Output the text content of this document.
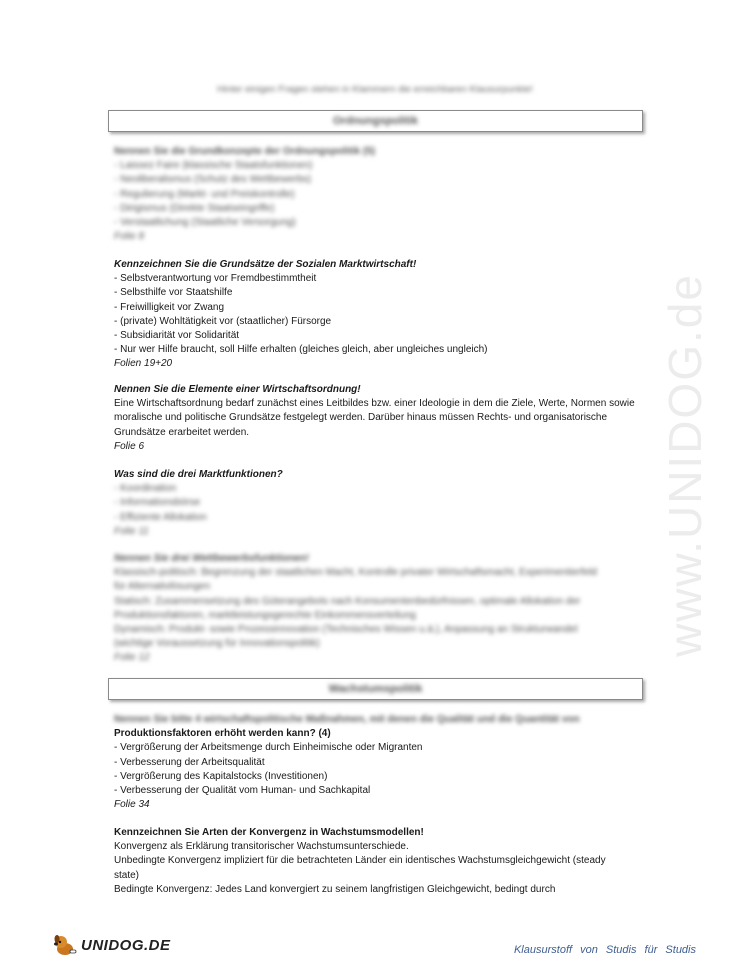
Hinter einigen Fragen stehen in Klammern die erreichbaren Klausurpunkte!
Ordnungspolitik
Nennen Sie die Grundkonzepte der Ordnungspolitik (5)
- Laissez Faire (klassische Staatsfunktionen)
- Neoliberalismus (Schutz des Wettbewerbs)
- Regulierung (Markt- und Preiskontrolle)
- Dirigismus (Direkte Staatseingriffe)
- Verstaatlichung (Staatliche Versorgung)
Folie 8
Kennzeichnen Sie die Grundsätze der Sozialen Marktwirtschaft!
- Selbstverantwortung vor Fremdbestimmtheit
- Selbsthilfe vor Staatshilfe
- Freiwilligkeit vor Zwang
- (private) Wohltätigkeit vor (staatlicher) Fürsorge
- Subsidiarität vor Solidarität
- Nur wer Hilfe braucht, soll Hilfe erhalten (gleiches gleich, aber ungleiches ungleich)
Folien 19+20
Nennen Sie die Elemente einer Wirtschaftsordnung!
Eine Wirtschaftsordnung bedarf zunächst eines Leitbildes bzw. einer Ideologie in dem die Ziele, Werte, Normen sowie moralische und politische Grundsätze festgelegt werden. Darüber hinaus müssen Rechts- und organisatorische Grundsätze erarbeitet werden.
Folie 6
Was sind die drei Marktfunktionen?
- Koordination
- Informationsbörse
- Effiziente Allokation
Folie 11
Nennen Sie drei Wettbewerbsfunktionen!
Klassisch-politisch: Begrenzung der staatlichen Macht, Kontrolle privater Wirtschaftsmacht, Experimentierfeld
für Alternativlösungen
Statisch: Zusammensetzung des Güterangebots nach Konsumentenbedürfnissen, optimale Allokation der
Produktionsfaktoren, marktleistungsgerechte Einkommensverteilung
Dynamisch: Produkt- sowie Prozessinnovation (Technisches Wissen u.ä.), Anpassung an Strukturwandel
(wichtige Voraussetzung für Innovationspolitik)
Folie 12
Wachstumspolitik
Nennen Sie bitte 4 wirtschaftspolitische Maßnahmen, mit denen die Qualität und die Quantität von
Produktionsfaktoren erhöht werden kann? (4)
- Vergrößerung der Arbeitsmenge durch Einheimische oder Migranten
- Verbesserung der Arbeitsqualität
- Vergrößerung des Kapitalstocks (Investitionen)
- Verbesserung der Qualität vom Human- und Sachkapital
Folie 34
Kennzeichnen Sie Arten der Konvergenz in Wachstumsmodellen!
Konvergenz als Erklärung transitorischer Wachstumsunterschiede.
Unbedingte Konvergenz impliziert für die betrachteten Länder ein identisches Wachstumsgleichgewicht (steady
state)
Bedingte Konvergenz: Jedes Land konvergiert zu seinem langfristigen Gleichgewicht, bedingt durch
www.UNIDOG.de
UNIDOG.DE	Klausurstoff von Studis für Studis
